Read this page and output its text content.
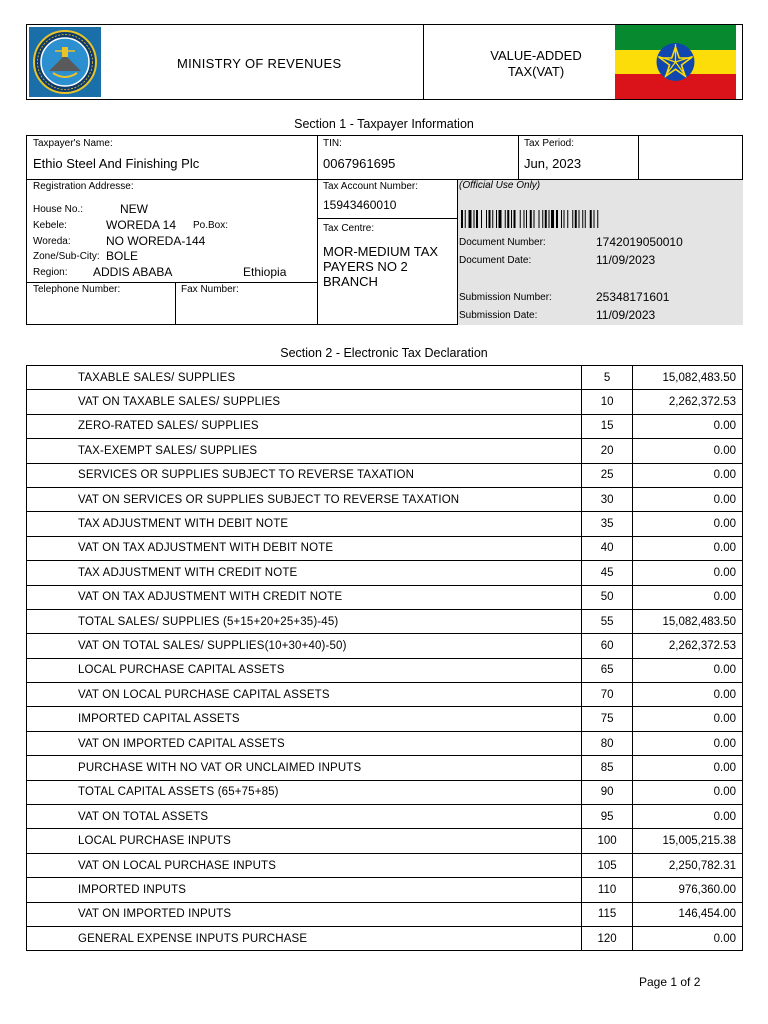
MINISTRY OF REVENUES
VALUE-ADDED
TAX(VAT)
Section 1 - Taxpayer Information
Taxpayer's Name:
Ethio Steel And Finishing Plc
TIN:
0067961695
Tax Period:
Jun, 2023
Registration Addresse:
House No.:	NEW
Kebele:	WOREDA 14 Po.Box:
Woreda:	NO WOREDA-144
Zone/Sub-City: BOLE
Region: ADDIS ABABA	Ethiopia
Telephone Number:	Fax Number:
Tax Account Number:
15943460010
Tax Centre:
MOR-MEDIUM TAX
PAYERS NO 2
BRANCH
(Official Use Only)
Document Number:	1742019050010
Document Date:	11/09/2023
Submission Number:	25348171601
Submission Date:	11/09/2023
Section 2 - Electronic Tax Declaration
TAXABLE SALES/ SUPPLIES	5	15,082,483.50
VAT ON TAXABLE SALES/ SUPPLIES	10	2,262,372.53
ZERO-RATED SALES/ SUPPLIES	15	0.00
TAX-EXEMPT SALES/ SUPPLIES	20	0.00
SERVICES OR SUPPLIES SUBJECT TO REVERSE TAXATION	25	0.00
VAT ON SERVICES OR SUPPLIES SUBJECT TO REVERSE TAXATION	30	0.00
TAX ADJUSTMENT WITH DEBIT NOTE	35	0.00
VAT ON TAX ADJUSTMENT WITH DEBIT NOTE	40	0.00
TAX ADJUSTMENT WITH CREDIT NOTE	45	0.00
VAT ON TAX ADJUSTMENT WITH CREDIT NOTE	50	0.00
TOTAL SALES/ SUPPLIES (5+15+20+25+35)-45)	55	15,082,483.50
VAT ON TOTAL SALES/ SUPPLIES(10+30+40)-50)	60	2,262,372.53
LOCAL PURCHASE CAPITAL ASSETS	65	0.00
VAT ON LOCAL PURCHASE CAPITAL ASSETS	70	0.00
IMPORTED CAPITAL ASSETS	75	0.00
VAT ON IMPORTED CAPITAL ASSETS	80	0.00
PURCHASE WITH NO VAT OR UNCLAIMED INPUTS	85	0.00
TOTAL CAPITAL ASSETS (65+75+85)	90	0.00
VAT ON TOTAL ASSETS	95	0.00
LOCAL PURCHASE INPUTS	100	15,005,215.38
VAT ON LOCAL PURCHASE INPUTS	105	2,250,782.31
IMPORTED INPUTS	110	976,360.00
VAT ON IMPORTED INPUTS	115	146,454.00
GENERAL EXPENSE INPUTS PURCHASE	120	0.00
Page 1 of 2
